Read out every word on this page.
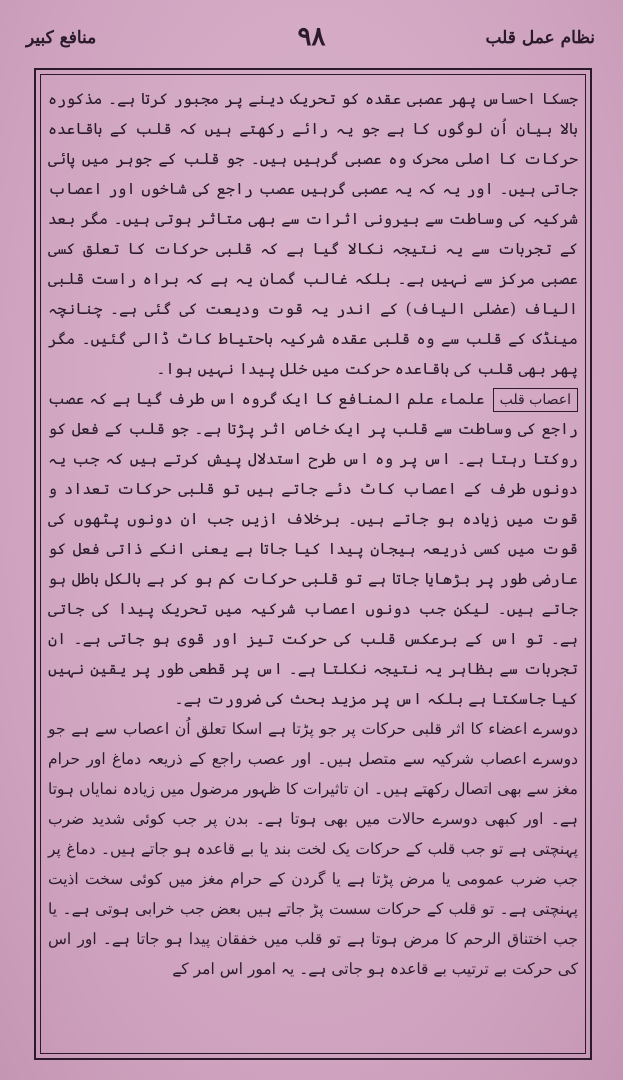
نظام عمل قلب
۹۸
منافع کبیر

جسکا احساس پھر عصبی عقدہ کو تحریک دینے پر مجبور کرتا ہے۔ مذکورہ بالا بیان اُن لوگوں کا ہے جو یہ رائے رکھتے ہیں کہ قلب کے باقاعدہ حرکات کا اصلی محرک وہ عصبی گرہیں ہیں۔ جو قلب کے جوہر میں پائی جاتی ہیں۔ اور یہ کہ یہ عصبی گرہیں عصب راجع کی شاخوں اور اعصاب شرکیہ کی وساطت سے بیرونی اثرات سے بھی متاثر ہوتی ہیں۔ مگر بعد کے تجربات سے یہ نتیجہ نکالا گیا ہے کہ قلبی حرکات کا تعلق کسی عصبی مرکز سے نہیں ہے۔ بلکہ غالب گمان یہ ہے کہ براہ راست قلبی الیاف (عضلی الیاف) کے اندر یہ قوت ودیعت کی گئی ہے۔ چنانچہ مینڈک کے قلب سے وہ قلبی عقدہ شرکیہ باحتیاط کاٹ ڈالی گئیں۔ مگر پھر بھی قلب کی باقاعدہ حرکت میں خلل پیدا نہیں ہوا۔

اعصاب قلبعلماء علم المنافع کا ایک گروہ اس طرف گیا ہے کہ عصب راجع کی وساطت سے قلب پر ایک خاص اثر پڑتا ہے۔ جو قلب کے فعل کو روکتا رہتا ہے۔ اس پر وہ اس طرح استدلال پیش کرتے ہیں کہ جب یہ دونوں طرف کے اعصاب کاٹ دئے جاتے ہیں تو قلبی حرکات تعداد و قوت میں زیادہ ہو جاتے ہیں۔ برخلاف ازیں جب ان دونوں پٹھوں کی قوت میں کسی ذریعہ ہیجان پیدا کیا جاتا ہے یعنی انکے ذاتی فعل کو عارضی طور پر بڑھایا جاتا ہے تو قلبی حرکات کم ہو کر ہے بالکل باطل ہو جاتے ہیں۔ لیکن جب دونوں اعصاب شرکیہ میں تحریک پیدا کی جاتی ہے۔ تو اس کے برعکس قلب کی حرکت تیز اور قوی ہو جاتی ہے۔ ان تجربات سے بظاہر یہ نتیجہ نکلتا ہے۔ اس پر قطعی طور پر یقین نہیں کیا جاسکتا ہے بلکہ اس پر مزید بحث کی ضرورت ہے۔

دوسرے اعضاء کا اثر قلبی حرکات پر جو پڑتا ہے اسکا تعلق اُن اعصاب سے ہے جو دوسرے اعصاب شرکیہ سے متصل ہیں۔ اور عصب راجع کے ذریعہ دماغ اور حرام مغز سے بھی اتصال رکھتے ہیں۔ ان تاثیرات کا ظہور مرضول میں زیادہ نمایاں ہوتا ہے۔ اور کبھی دوسرے حالات میں بھی ہوتا ہے۔ بدن پر جب کوئی شدید ضرب پہنچتی ہے تو جب قلب کے حرکات یک لخت بند یا بے قاعدہ ہو جاتے ہیں۔ دماغ پر جب ضرب عمومی یا مرض پڑتا ہے یا گردن کے حرام مغز میں کوئی سخت اذیت پہنچتی ہے۔ تو قلب کے حرکات سست پڑ جاتے ہیں بعض جب خرابی ہوتی ہے۔ یا جب اختناق الرحم کا مرض ہوتا ہے تو قلب میں خفقان پیدا ہو جاتا ہے۔ اور اس کی حرکت بے ترتیب بے قاعدہ ہو جاتی ہے۔ یہ امور اس امر کے
